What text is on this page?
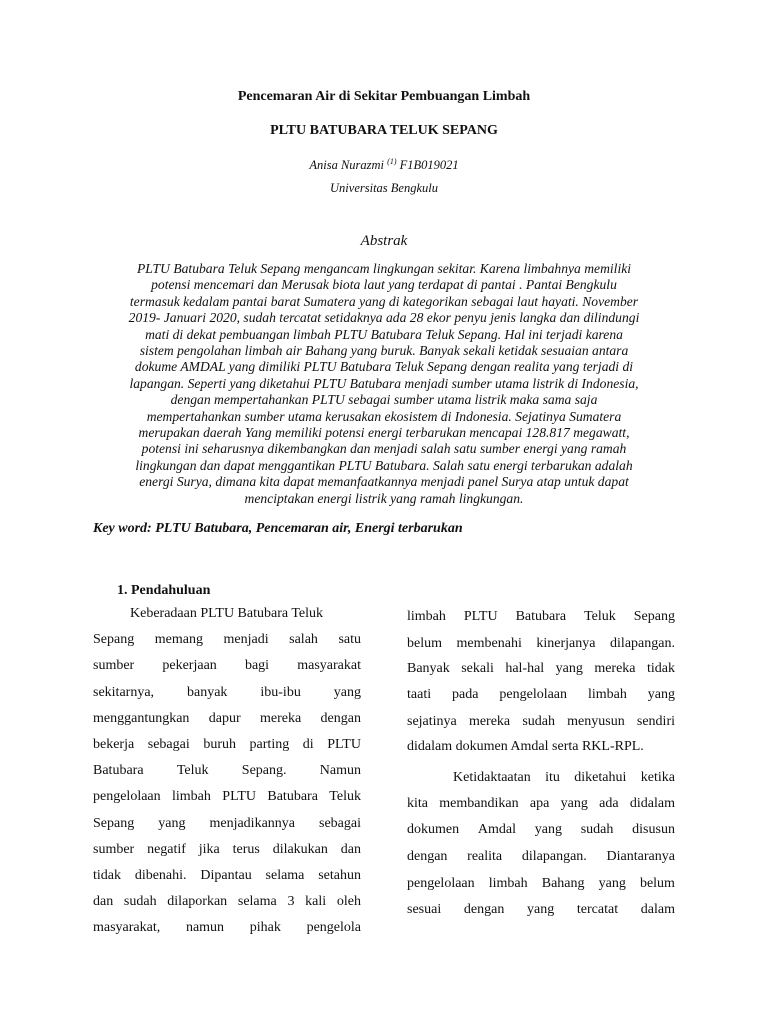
Pencemaran Air di Sekitar Pembuangan Limbah
PLTU BATUBARA TELUK SEPANG
Anisa Nurazmi $^{(1)}$ F1B019021
Universitas Bengkulu
Abstrak
PLTU Batubara Teluk Sepang mengancam lingkungan sekitar. Karena limbahnya memiliki
potensi mencemari dan Merusak biota laut yang terdapat di pantai . Pantai Bengkulu
termasuk kedalam pantai barat Sumatera yang di kategorikan sebagai laut hayati. November
2019- Januari 2020, sudah tercatat setidaknya ada 28 ekor penyu jenis langka dan dilindungi
mati di dekat pembuangan limbah PLTU Batubara Teluk Sepang. Hal ini terjadi karena
sistem pengolahan limbah air Bahang yang buruk. Banyak sekali ketidak sesuaian antara
dokume AMDAL yang dimiliki PLTU Batubara Teluk Sepang dengan realita yang terjadi di
lapangan. Seperti yang diketahui PLTU Batubara menjadi sumber utama listrik di Indonesia,
dengan mempertahankan PLTU sebagai sumber utama listrik maka sama saja
mempertahankan sumber utama kerusakan ekosistem di Indonesia. Sejatinya Sumatera
merupakan daerah Yang memiliki potensi energi terbarukan mencapai 128.817 megawatt,
potensi ini seharusnya dikembangkan dan menjadi salah satu sumber energi yang ramah
lingkungan dan dapat menggantikan PLTU Batubara. Salah satu energi terbarukan adalah
energi Surya, dimana kita dapat memanfaatkannya menjadi panel Surya atap untuk dapat
menciptakan energi listrik yang ramah lingkungan.
Key word: PLTU Batubara, Pencemaran air, Energi terbarukan
1. Pendahuluan
Keberadaan PLTU Batubara Teluk
Sepang memang menjadi salah satu
sumber pekerjaan bagi masyarakat
sekitarnya, banyak ibu-ibu yang
menggantungkan dapur mereka dengan
bekerja sebagai buruh parting di PLTU
Batubara Teluk Sepang. Namun
pengelolaan limbah PLTU Batubara Teluk
Sepang yang menjadikannya sebagai
sumber negatif jika terus dilakukan dan
tidak dibenahi. Dipantau selama setahun
dan sudah dilaporkan selama 3 kali oleh
masyarakat, namun pihak pengelola
limbah PLTU Batubara Teluk Sepang
belum membenahi kinerjanya dilapangan.
Banyak sekali hal-hal yang mereka tidak
taati pada pengelolaan limbah yang
sejatinya mereka sudah menyusun sendiri
didalam dokumen Amdal serta RKL-RPL.
Ketidaktaatan itu diketahui ketika
kita membandikan apa yang ada didalam
dokumen Amdal yang sudah disusun
dengan realita dilapangan. Diantaranya
pengelolaan limbah Bahang yang belum
sesuai dengan yang tercatat dalam
